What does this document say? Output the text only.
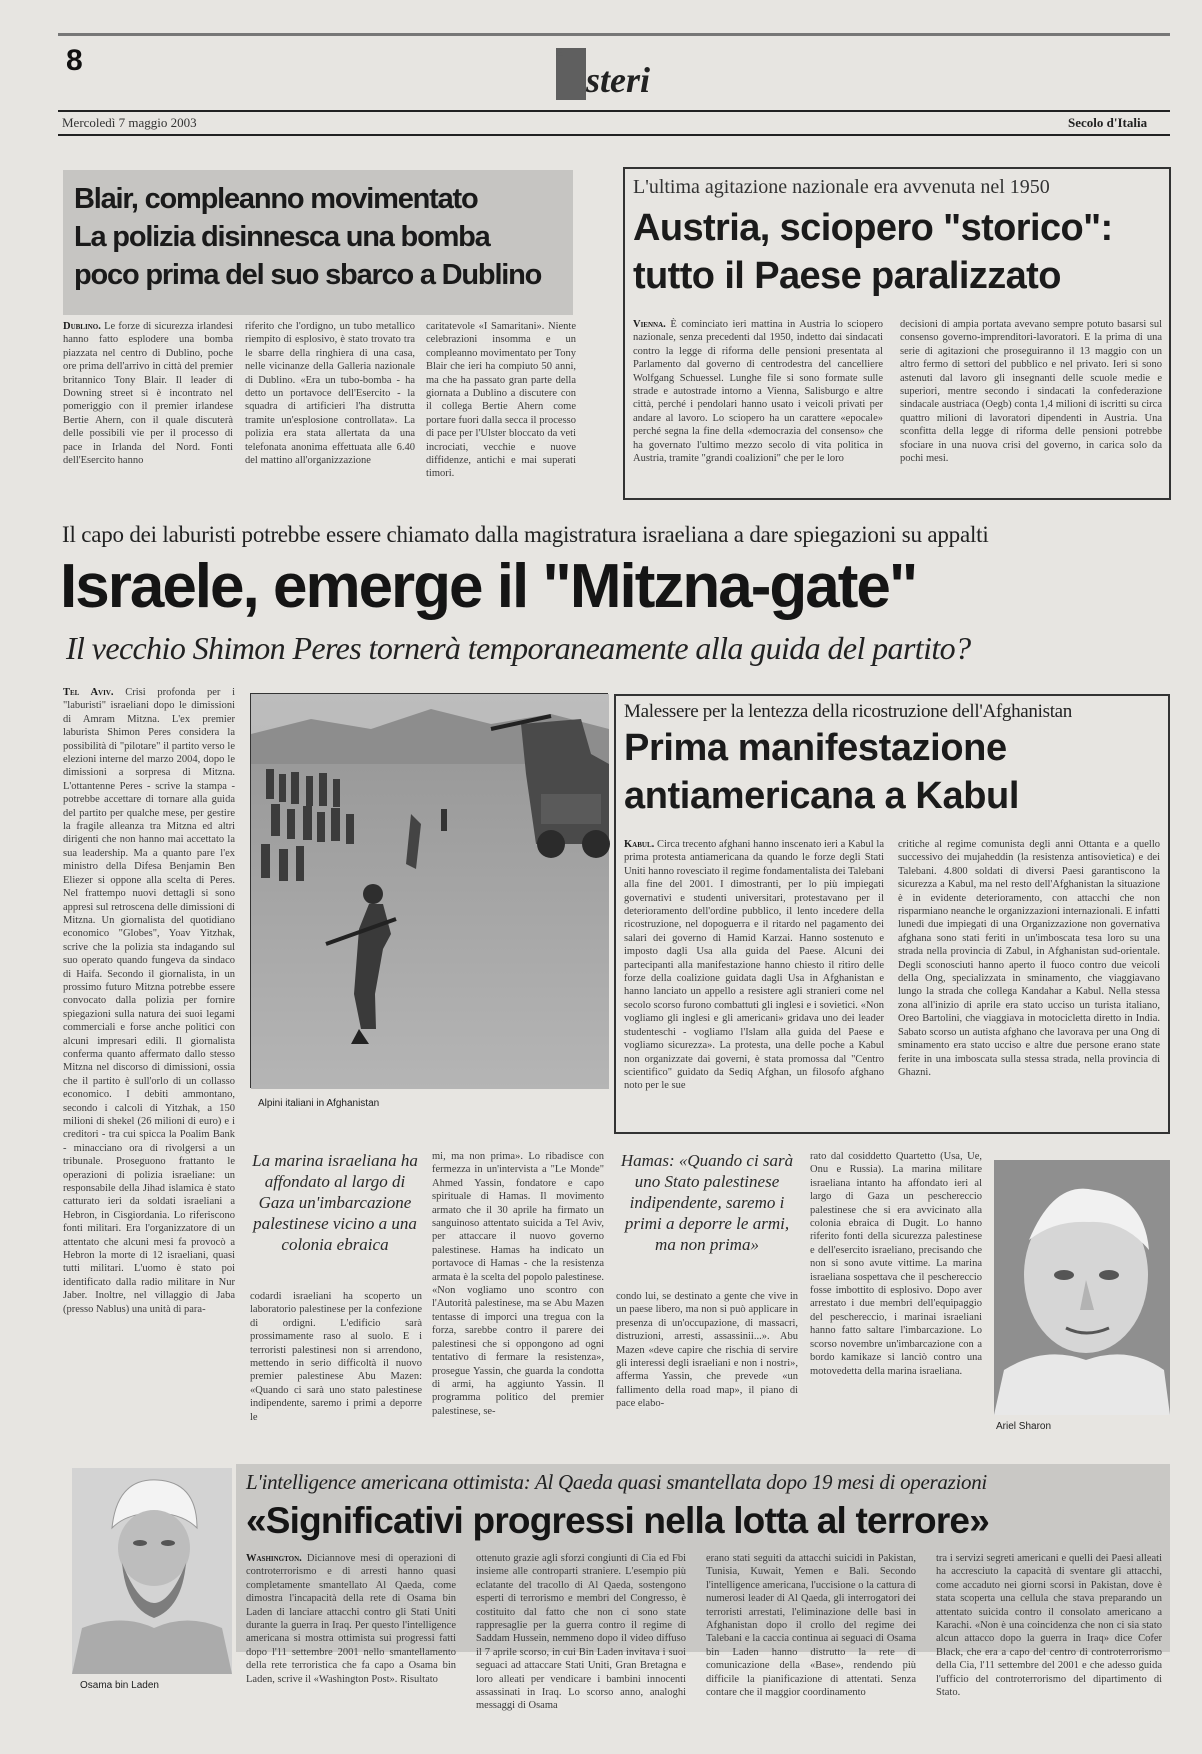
8	Esteri
Mercoledì 7 maggio 2003	Secolo d'Italia
Blair, compleanno movimentato
La polizia disinnesca una bomba
poco prima del suo sbarco a Dublino
Dublino. Le forze di sicurezza irlandesi hanno fatto esplodere una bomba piazzata nel centro di Dublino, poche ore prima dell'arrivo in città del premier britannico Tony Blair. Il leader di Downing street si è incontrato nel pomeriggio con il premier irlandese Bertie Ahern, con il quale discuterà delle possibili vie per il processo di pace in Irlanda del Nord. Fonti dell'Esercito hanno
riferito che l'ordigno, un tubo metallico riempito di esplosivo, è stato trovato tra le sbarre della ringhiera di una casa, nelle vicinanze della Galleria nazionale di Dublino. «Era un tubo-bomba - ha detto un portavoce dell'Esercito - la squadra di artificieri l'ha distrutta tramite un'esplosione controllata». La polizia era stata allertata da una telefonata anonima effettuata alle 6.40 del mattino all'organizzazione
caritatevole «I Samaritani». Niente celebrazioni insomma e un compleanno movimentato per Tony Blair che ieri ha compiuto 50 anni, ma che ha passato gran parte della giornata a Dublino a discutere con il collega Bertie Ahern come portare fuori dalla secca il processo di pace per l'Ulster bloccato da veti incrociati, vecchie e nuove diffidenze, antichi e mai superati timori.
L'ultima agitazione nazionale era avvenuta nel 1950
Austria, sciopero "storico":
tutto il Paese paralizzato
Vienna. È cominciato ieri mattina in Austria lo sciopero nazionale, senza precedenti dal 1950, indetto dai sindacati contro la legge di riforma delle pensioni presentata al Parlamento dal governo di centrodestra del cancelliere Wolfgang Schuessel. Lunghe file si sono formate sulle strade e autostrade intorno a Vienna, Salisburgo e altre città, perché i pendolari hanno usato i veicoli privati per andare al lavoro. Lo sciopero ha un carattere «epocale» perché segna la fine della «democrazia del consenso» che ha governato l'ultimo mezzo secolo di vita politica in Austria, tramite "grandi coalizioni" che per le loro
decisioni di ampia portata avevano sempre potuto basarsi sul consenso governo-imprenditori-lavoratori. E la prima di una serie di agitazioni che proseguiranno il 13 maggio con un altro fermo di settori del pubblico e nel privato. Ieri si sono astenuti dal lavoro gli insegnanti delle scuole medie e superiori, mentre secondo i sindacati la confederazione sindacale austriaca (Oegb) conta 1,4 milioni di iscritti su circa quattro milioni di lavoratori dipendenti in Austria. Una sconfitta della legge di riforma delle pensioni potrebbe sfociare in una nuova crisi del governo, in carica solo da pochi mesi.
Il capo dei laburisti potrebbe essere chiamato dalla magistratura israeliana a dare spiegazioni su appalti
Israele, emerge il "Mitzna-gate"
Il vecchio Shimon Peres tornerà temporaneamente alla guida del partito?
Tel Aviv. Crisi profonda per i "laburisti" israeliani dopo le dimissioni di Amram Mitzna. L'ex premier laburista Shimon Peres considera la possibilità di "pilotare" il partito verso le elezioni interne del marzo 2004, dopo le dimissioni a sorpresa di Mitzna. L'ottantenne Peres - scrive la stampa - potrebbe accettare di tornare alla guida del partito per qualche mese, per gestire la fragile alleanza tra Mitzna ed altri dirigenti che non hanno mai accettato la sua leadership. Ma a quanto pare l'ex ministro della Difesa Benjamin Ben Eliezer si oppone alla scelta di Peres. Nel frattempo nuovi dettagli si sono appresi sul retroscena delle dimissioni di Mitzna. Un giornalista del quotidiano economico "Globes", Yoav Yitzhak, scrive che la polizia sta indagando sul suo operato quando fungeva da sindaco di Haifa. Secondo il giornalista, in un prossimo futuro Mitzna potrebbe essere convocato dalla polizia per fornire spiegazioni sulla natura dei suoi legami commerciali e forse anche politici con alcuni impresari edili. Il giornalista conferma quanto affermato dallo stesso Mitzna nel discorso di dimissioni, ossia che il partito è sull'orlo di un collasso economico. I debiti ammontano, secondo i calcoli di Yitzhak, a 150 milioni di shekel (26 milioni di euro) e i creditori - tra cui spicca la Poalim Bank - minacciano ora di rivolgersi a un tribunale. Proseguono frattanto le operazioni di polizia israeliane: un responsabile della Jihad islamica è stato catturato ieri da soldati israeliani a Hebron, in Cisgiordania. Lo riferiscono fonti militari. Era l'organizzatore di un attentato che alcuni mesi fa provocò a Hebron la morte di 12 israeliani, quasi tutti militari. L'uomo è stato poi identificato dalla radio militare in Nur Jaber. Inoltre, nel villaggio di Jaba (presso Nablus) una unità di para-
Alpini italiani in Afghanistan
Malessere per la lentezza della ricostruzione dell'Afghanistan
Prima manifestazione
antiamericana a Kabul
Kabul. Circa trecento afghani hanno inscenato ieri a Kabul la prima protesta antiamericana da quando le forze degli Stati Uniti hanno rovesciato il regime fondamentalista dei Talebani alla fine del 2001. I dimostranti, per lo più impiegati governativi e studenti universitari, protestavano per il deterioramento dell'ordine pubblico, il lento incedere della ricostruzione, nel dopoguerra e il ritardo nel pagamento dei salari dei governo di Hamid Karzai. Hanno sostenuto e imposto dagli Usa alla guida del Paese. Alcuni dei partecipanti alla manifestazione hanno chiesto il ritiro delle forze della coalizione guidata dagli Usa in Afghanistan e hanno lanciato un appello a resistere agli stranieri come nel secolo scorso furono combattuti gli inglesi e i sovietici. «Non vogliamo gli inglesi e gli americani» gridava uno dei leader studenteschi - vogliamo l'Islam alla guida del Paese e vogliamo sicurezza». La protesta, una delle poche a Kabul non organizzate dai governi, è stata promossa dal "Centro scientifico" guidato da Sediq Afghan, un filosofo afghano noto per le sue
critiche al regime comunista degli anni Ottanta e a quello successivo dei mujaheddin (la resistenza antisovietica) e dei Talebani. 4.800 soldati di diversi Paesi garantiscono la sicurezza a Kabul, ma nel resto dell'Afghanistan la situazione è in evidente deterioramento, con attacchi che non risparmiano neanche le organizzazioni internazionali. E infatti lunedì due impiegati di una Organizzazione non governativa afghana sono stati feriti in un'imboscata tesa loro su una strada nella provincia di Zabul, in Afghanistan sud-orientale. Degli sconosciuti hanno aperto il fuoco contro due veicoli della Ong, specializzata in sminamento, che viaggiavano lungo la strada che collega Kandahar a Kabul. Nella stessa zona all'inizio di aprile era stato ucciso un turista italiano, Oreo Bartolini, che viaggiava in motocicletta diretto in India. Sabato scorso un autista afghano che lavorava per una Ong di sminamento era stato ucciso e altre due persone erano state ferite in una imboscata sulla stessa strada, nella provincia di Ghazni.
La marina israeliana ha affondato al largo di Gaza un'imbarcazione palestinese vicino a una colonia ebraica
codardi israeliani ha scoperto un laboratorio palestinese per la confezione di ordigni. L'edificio sarà prossimamente raso al suolo. E i terroristi palestinesi non si arrendono, mettendo in serio difficoltà il nuovo premier palestinese Abu Mazen: «Quando ci sarà uno stato palestinese indipendente, saremo i primi a deporre le
mi, ma non prima». Lo ribadisce con fermezza in un'intervista a "Le Monde" Ahmed Yassin, fondatore e capo spirituale di Hamas. Il movimento armato che il 30 aprile ha firmato un sanguinoso attentato suicida a Tel Aviv, per attaccare il nuovo governo palestinese. Hamas ha indicato un portavoce di Hamas - che la resistenza armata è la scelta del popolo palestinese. «Non vogliamo uno scontro con l'Autorità palestinese, ma se Abu Mazen tentasse di imporci una tregua con la forza, sarebbe contro il parere dei palestinesi che si oppongono ad ogni tentativo di fermare la resistenza», prosegue Yassin, che guarda la condotta di armi, ha aggiunto Yassin. Il programma politico del premier palestinese, se-
Hamas: «Quando ci sarà uno Stato palestinese indipendente, saremo i primi a deporre le armi, ma non prima»
condo lui, se destinato a gente che vive in un paese libero, ma non si può applicare in presenza di un'occupazione, di massacri, distruzioni, arresti, assassinii...». Abu Mazen «deve capire che rischia di servire gli interessi degli israeliani e non i nostri», afferma Yassin, che prevede «un fallimento della road map», il piano di pace elabo-
rato dal cosiddetto Quartetto (Usa, Ue, Onu e Russia). La marina militare israeliana intanto ha affondato ieri al largo di Gaza un peschereccio palestinese che si era avvicinato alla colonia ebraica di Dugit. Lo hanno riferito fonti della sicurezza palestinese e dell'esercito israeliano, precisando che non si sono avute vittime. La marina israeliana sospettava che il peschereccio fosse imbottito di esplosivo. Dopo aver arrestato i due membri dell'equipaggio del peschereccio, i marinai israeliani hanno fatto saltare l'imbarcazione. Lo scorso novembre un'imbarcazione con a bordo kamikaze si lanciò contro una motovedetta della marina israeliana.
Ariel Sharon
L'intelligence americana ottimista: Al Qaeda quasi smantellata dopo 19 mesi di operazioni
«Significativi progressi nella lotta al terrore»
Washington. Diciannove mesi di operazioni di controterrorismo e di arresti hanno quasi completamente smantellato Al Qaeda, come dimostra l'incapacità della rete di Osama bin Laden di lanciare attacchi contro gli Stati Uniti durante la guerra in Iraq. Per questo l'intelligence americana si mostra ottimista sui progressi fatti dopo l'11 settembre 2001 nello smantellamento della rete terroristica che fa capo a Osama bin Laden, scrive il «Washington Post». Risultato
ottenuto grazie agli sforzi congiunti di Cia ed Fbi insieme alle controparti straniere. L'esempio più eclatante del tracollo di Al Qaeda, sostengono esperti di terrorismo e membri del Congresso, è costituito dal fatto che non ci sono state rappresaglie per la guerra contro il regime di Saddam Hussein, nemmeno dopo il video diffuso il 7 aprile scorso, in cui Bin Laden invitava i suoi seguaci ad attaccare Stati Uniti, Gran Bretagna e loro alleati per vendicare i bambini innocenti assassinati in Iraq. Lo scorso anno, analoghi messaggi di Osama
erano stati seguiti da attacchi suicidi in Pakistan, Tunisia, Kuwait, Yemen e Bali. Secondo l'intelligence americana, l'uccisione o la cattura di numerosi leader di Al Qaeda, gli interrogatori dei terroristi arrestati, l'eliminazione delle basi in Afghanistan dopo il crollo del regime dei Talebani e la caccia continua ai seguaci di Osama bin Laden hanno distrutto la rete di comunicazione della «Base», rendendo più difficile la pianificazione di attentati. Senza contare che il maggior coordinamento
tra i servizi segreti americani e quelli dei Paesi alleati ha accresciuto la capacità di sventare gli attacchi, come accaduto nei giorni scorsi in Pakistan, dove è stata scoperta una cellula che stava preparando un attentato suicida contro il consolato americano a Karachi. «Non è una coincidenza che non ci sia stato alcun attacco dopo la guerra in Iraq» dice Cofer Black, che era a capo del centro di controterrorismo della Cia, l'11 settembre del 2001 e che adesso guida l'ufficio del controterrorismo del dipartimento di Stato.
Osama bin Laden
